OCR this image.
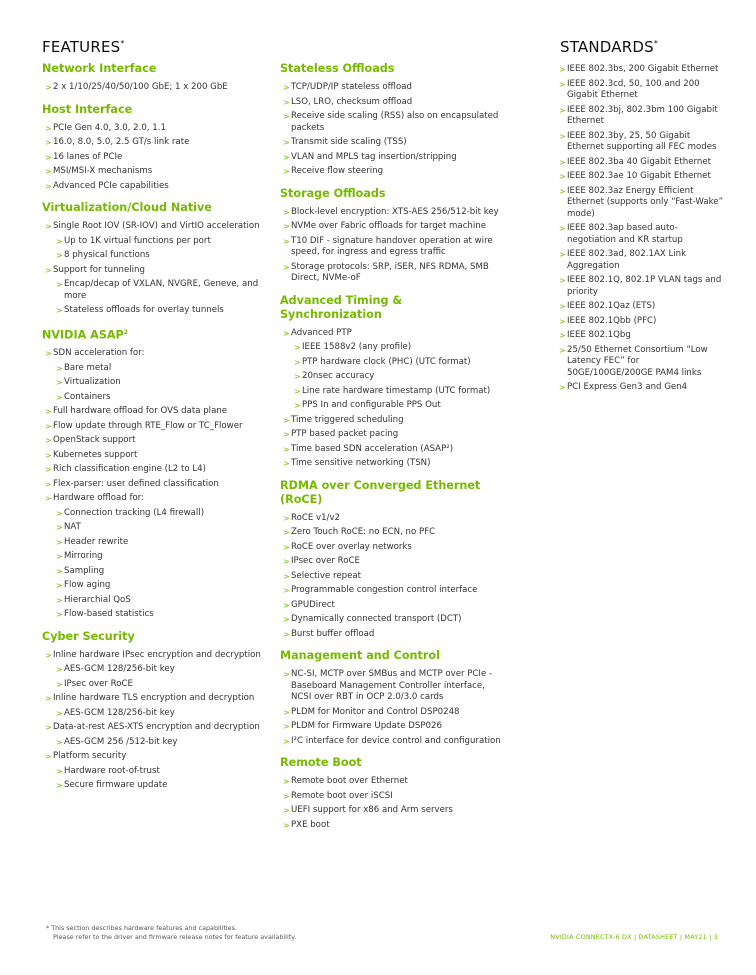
FEATURES*	STANDARDS*
Network Interface
> 2 x 1/10/25/40/50/100 GbE; 1 x 200 GbE
Host Interface
> PCIe Gen 4.0, 3.0, 2.0, 1.1
> 16.0, 8.0, 5.0, 2.5 GT/s link rate
> 16 lanes of PCIe
> MSI/MSI-X mechanisms
> Advanced PCIe capabilities
Virtualization/Cloud Native
> Single Root IOV (SR-IOV) and VirtIO acceleration
> Up to 1K virtual functions per port
> 8 physical functions
> Support for tunneling
> Encap/decap of VXLAN, NVGRE, Geneve, and more
> Stateless offloads for overlay tunnels
NVIDIA $ASAP^2$
> SDN acceleration for:
> Bare metal
> Virtualization
> Containers
> Full hardware offload for OVS data plane
> Flow update through RTE_Flow or TC_Flower
> OpenStack support
> Kubernetes support
> Rich classification engine (L2 to L4)
> Flex-parser: user defined classification
> Hardware offload for:
> Connection tracking (L4 firewall)
> NAT
> Header rewrite
> Mirroring
> Sampling
> Flow aging
> Hierarchial QoS
> Flow-based statistics
Cyber Security
> Inline hardware IPsec encryption and decryption
> AES-GCM 128/256-bit key
> IPsec over RoCE
> Inline hardware TLS encryption and decryption
> AES-GCM 128/256-bit key
> Data-at-rest AES-XTS encryption and decryption
> AES-GCM 256 /512-bit key
> Platform security
> Hardware root-of-trust
> Secure firmware update
Stateless Offloads
> TCP/UDP/IP stateless offload
> LSO, LRO, checksum offload
> Receive side scaling (RSS) also on encapsulated packets
> Transmit side scaling (TSS)
> VLAN and MPLS tag insertion/stripping
> Receive flow steering
Storage Offloads
> Block-level encryption: XTS-AES 256/512-bit key
> NVMe over Fabric offloads for target machine
> T10 DIF - signature handover operation at wire speed, for ingress and egress traffic
> Storage protocols: SRP, iSER, NFS RDMA, SMB Direct, NVMe-oF
Advanced Timing & Synchronization
> Advanced PTP
> IEEE 1588v2 (any profile)
> PTP hardware clock (PHC) (UTC format)
> 20nsec accuracy
> Line rate hardware timestamp (UTC format)
> PPS In and configurable PPS Out
> Time triggered scheduling
> PTP based packet pacing
> Time based SDN acceleration (ASAP²)
> Time sensitive networking (TSN)
RDMA over Converged Ethernet (RoCE)
> RoCE v1/v2
> Zero Touch RoCE: no ECN, no PFC
> RoCE over overlay networks
> IPsec over RoCE
> Selective repeat
> Programmable congestion control interface
> GPUDirect
> Dynamically connected transport (DCT)
> Burst buffer offload
Management and Control
> NC-SI, MCTP over SMBus and MCTP over PCIe - Baseboard Management Controller interface, NCSI over RBT in OCP 2.0/3.0 cards
> PLDM for Monitor and Control DSP0248
> PLDM for Firmware Update DSP026
> I²C interface for device control and configuration
Remote Boot
> Remote boot over Ethernet
> Remote boot over iSCSI
> UEFI support for x86 and Arm servers
> PXE boot
> IEEE 802.3bs, 200 Gigabit Ethernet
> IEEE 802.3cd, 50, 100 and 200 Gigabit Ethernet
> IEEE 802.3bj, 802.3bm 100 Gigabit Ethernet
> IEEE 802.3by, 25, 50 Gigabit Ethernet supporting all FEC modes
> IEEE 802.3ba 40 Gigabit Ethernet
> IEEE 802.3ae 10 Gigabit Ethernet
> IEEE 802.3az Energy Efficient Ethernet (supports only “Fast-Wake” mode)
> IEEE 802.3ap based auto-negotiation and KR startup
> IEEE 802.3ad, 802.1AX Link Aggregation
> IEEE 802.1Q, 802.1P VLAN tags and priority
> IEEE 802.1Qaz (ETS)
> IEEE 802.1Qbb (PFC)
> IEEE 802.1Qbg
> 25/50 Ethernet Consortium “Low Latency FEC” for 50GE/100GE/200GE PAM4 links
> PCI Express Gen3 and Gen4
* This section describes hardware features and capabilities.
Please refer to the driver and firmware release notes for feature availability.	NVIDIA CONNECTX-6 DX | DATASHEET | MAY21 | 3
